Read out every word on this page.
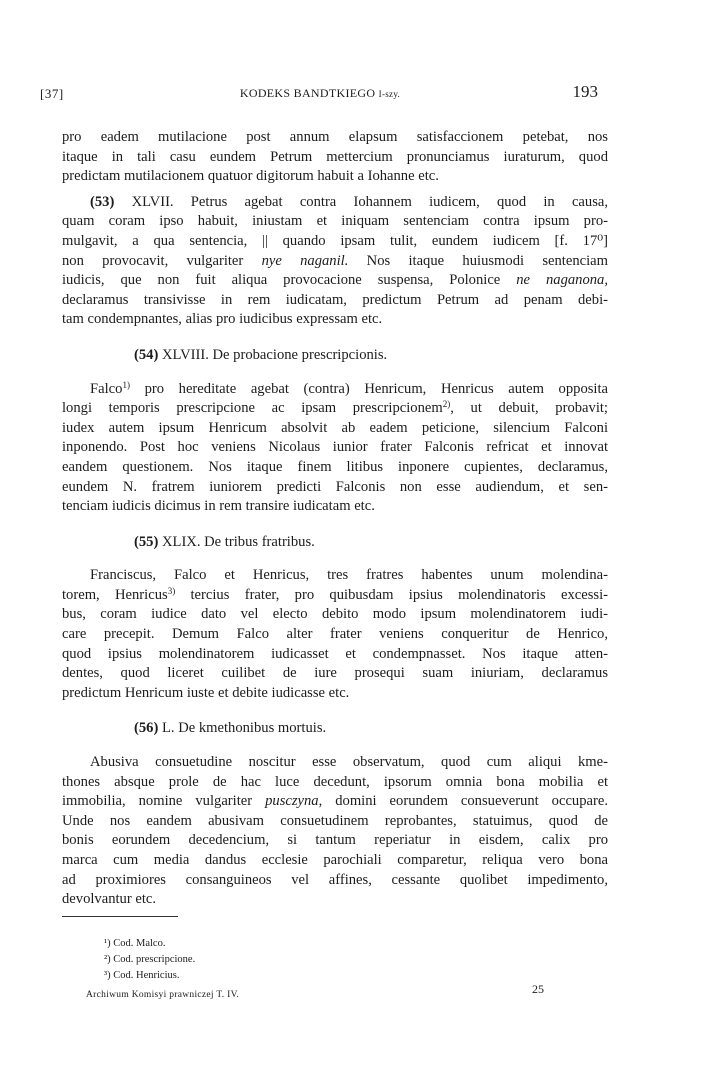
[37]	KODEKS BANDTKIEGO I-szy.	193

pro eadem mutilacione post annum elapsum satisfaccionem petebat, nos
itaque in tali casu eundem Petrum mettercium pronunciamus iuraturum, quod
predictam mutilacionem quatuor digitorum habuit a Iohanne etc.

(53) XLVII. Petrus agebat contra Iohannem iudicem, quod in causa,
quam coram ipso habuit, iniustam et iniquam sentenciam contra ipsum pro-
mulgavit, a qua sentencia, || quando ipsam tulit, eundem iudicem [f. 17⁰]
non provocavit, vulgariter nye naganil. Nos itaque huiusmodi sentenciam
iudicis, que non fuit aliqua provocacione suspensa, Polonice ne naganona,
declaramus transivisse in rem iudicatam, predictum Petrum ad penam debi-
tam condempnantes, alias pro iudicibus expressam etc.

(54) XLVIII. De probacione prescripcionis.

Falco$^{1)}$ pro hereditate agebat (contra) Henricum, Henricus autem opposita
longi temporis prescripcione ac ipsam prescripcionem$^{2)}$, ut debuit, probavit;
iudex autem ipsum Henricum absolvit ab eadem peticione, silencium Falconi
inponendo. Post hoc veniens Nicolaus iunior frater Falconis refricat et innovat
eandem questionem. Nos itaque finem litibus inponere cupientes, declaramus,
eundem N. fratrem iuniorem predicti Falconis non esse audiendum, et sen-
tenciam iudicis dicimus in rem transire iudicatam etc.

(55) XLIX. De tribus fratribus.

Franciscus, Falco et Henricus, tres fratres habentes unum molendina-
torem, Henricus$^{3)}$ tercius frater, pro quibusdam ipsius molendinatoris excessi-
bus, coram iudice dato vel electo debito modo ipsum molendinatorem iudi-
care precepit. Demum Falco alter frater veniens conqueritur de Henrico,
quod ipsius molendinatorem iudicasset et condempnasset. Nos itaque atten-
dentes, quod liceret cuilibet de iure prosequi suam iniuriam, declaramus
predictum Henricum iuste et debite iudicasse etc.

(56) L. De kmethonibus mortuis.

Abusiva consuetudine noscitur esse observatum, quod cum aliqui kme-
thones absque prole de hac luce decedunt, ipsorum omnia bona mobilia et
immobilia, nomine vulgariter pusczyna, domini eorundem consueverunt occupare.
Unde nos eandem abusivam consuetudinem reprobantes, statuimus, quod de
bonis eorundem decedencium, si tantum reperiatur in eisdem, calix pro
marca cum media dandus ecclesie parochiali comparetur, reliqua vero bona
ad proximiores consanguineos vel affines, cessante quolibet impedimento,
devolvantur etc.

¹) Cod. Malco.
²) Cod. prescripcione.
³) Cod. Henricius.
Archiwum Komisyi prawniczej T. IV.	25
